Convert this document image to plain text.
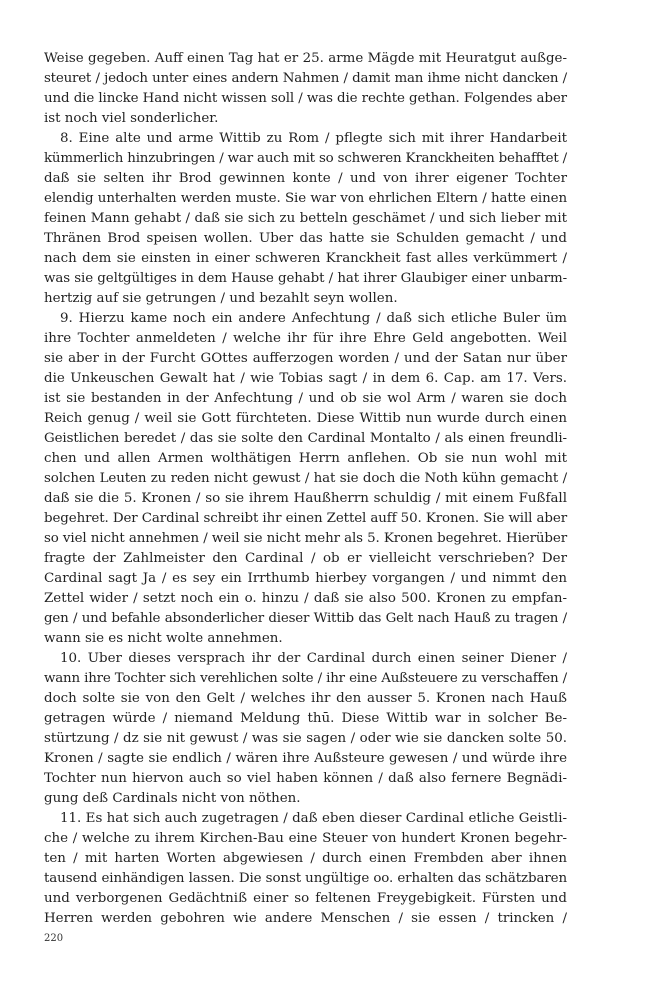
Weise gegeben. Auff einen Tag hat er 25. arme Mägde mit Heuratgut außge-
steuret / jedoch unter eines andern Nahmen / damit man ihme nicht dancken /
und die lincke Hand nicht wissen soll / was die rechte gethan. Folgendes aber
ist noch viel sonderlicher.
8. Eine alte und arme Wittib zu Rom / pflegte sich mit ihrer Handarbeit
kümmerlich hinzubringen / war auch mit so schweren Kranckheiten behafftet /
daß sie selten ihr Brod gewinnen konte / und von ihrer eigener Tochter
elendig unterhalten werden muste. Sie war von ehrlichen Eltern / hatte einen
feinen Mann gehabt / daß sie sich zu betteln geschämet / und sich lieber mit
Thränen Brod speisen wollen. Uber das hatte sie Schulden gemacht / und
nach dem sie einsten in einer schweren Kranckheit fast alles verkümmert /
was sie geltgültiges in dem Hause gehabt / hat ihrer Glaubiger einer unbarm-
hertzig auf sie getrungen / und bezahlt seyn wollen.
9. Hierzu kame noch ein andere Anfechtung / daß sich etliche Buler üm
ihre Tochter anmeldeten / welche ihr für ihre Ehre Geld angebotten. Weil
sie aber in der Furcht GOttes aufferzogen worden / und der Satan nur über
die Unkeuschen Gewalt hat / wie Tobias sagt / in dem 6. Cap. am 17. Vers.
ist sie bestanden in der Anfechtung / und ob sie wol Arm / waren sie doch
Reich genug / weil sie Gott fürchteten. Diese Wittib nun wurde durch einen
Geistlichen beredet / das sie solte den Cardinal Montalto / als einen freundli-
chen und allen Armen wolthätigen Herrn anflehen. Ob sie nun wohl mit
solchen Leuten zu reden nicht gewust / hat sie doch die Noth kühn gemacht /
daß sie die 5. Kronen / so sie ihrem Haußherrn schuldig / mit einem Fußfall
begehret. Der Cardinal schreibt ihr einen Zettel auff 50. Kronen. Sie will aber
so viel nicht annehmen / weil sie nicht mehr als 5. Kronen begehret. Hierüber
fragte der Zahlmeister den Cardinal / ob er vielleicht verschrieben? Der
Cardinal sagt Ja / es sey ein Irrthumb hierbey vorgangen / und nimmt den
Zettel wider / setzt noch ein o. hinzu / daß sie also 500. Kronen zu empfan-
gen / und befahle absonderlicher dieser Wittib das Gelt nach Hauß zu tragen /
wann sie es nicht wolte annehmen.
10. Uber dieses versprach ihr der Cardinal durch einen seiner Diener /
wann ihre Tochter sich verehlichen solte / ihr eine Außsteuere zu verschaffen /
doch solte sie von den Gelt / welches ihr den ausser 5. Kronen nach Hauß
getragen würde / niemand Meldung thū. Diese Wittib war in solcher Be-
stürtzung / dz sie nit gewust / was sie sagen / oder wie sie dancken solte 50.
Kronen / sagte sie endlich / wären ihre Außsteure gewesen / und würde ihre
Tochter nun hiervon auch so viel haben können / daß also fernere Begnädi-
gung deß Cardinals nicht von nöthen.
11. Es hat sich auch zugetragen / daß eben dieser Cardinal etliche Geistli-
che / welche zu ihrem Kirchen-Bau eine Steuer von hundert Kronen begehr-
ten / mit harten Worten abgewiesen / durch einen Frembden aber ihnen
tausend einhändigen lassen. Die sonst ungültige oo. erhalten das schätzbaren
und verborgenen Gedächtniß einer so feltenen Freygebigkeit. Fürsten und
Herren werden gebohren wie andere Menschen / sie essen / trincken /
220
